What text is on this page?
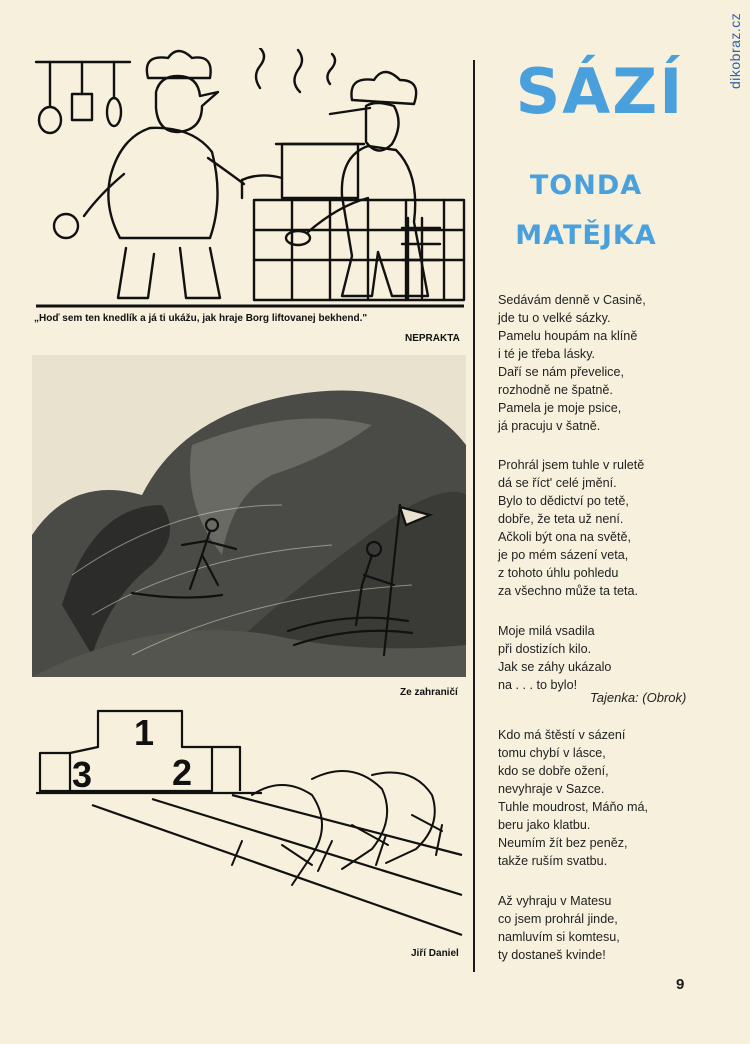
dikobraz.cz
„Hoď sem ten knedlík a já ti ukážu, jak hraje Borg liftovanej bekhend."
NEPRAKTA
Ze zahraničí
1
2
3
Jiří Daniel
SÁZÍ
TONDA
MATĚJKA
Sedávám denně v Casině,
jde tu o velké sázky.
Pamelu houpám na klíně
i té je třeba lásky.
Daří se nám převelice,
rozhodně ne špatně.
Pamela je moje psice,
já pracuju v šatně.
Prohrál jsem tuhle v ruletě
dá se říct' celé jmění.
Bylo to dědictví po tetě,
dobře, že teta už není.
Ačkoli být ona na světě,
je po mém sázení veta,
z tohoto úhlu pohledu
za všechno může ta teta.
Moje milá vsadila
při dostizích kilo.
Jak se záhy ukázalo
na . . . to bylo!
Tajenka: (Obrok)
Kdo má štěstí v sázení
tomu chybí v lásce,
kdo se dobře ožení,
nevyhraje v Sazce.
Tuhle moudrost, Máňo má,
beru jako klatbu.
Neumím žít bez peněz,
takže ruším svatbu.
Až vyhraju v Matesu
co jsem prohrál jinde,
namluvím si komtesu,
ty dostaneš kvinde!
9
